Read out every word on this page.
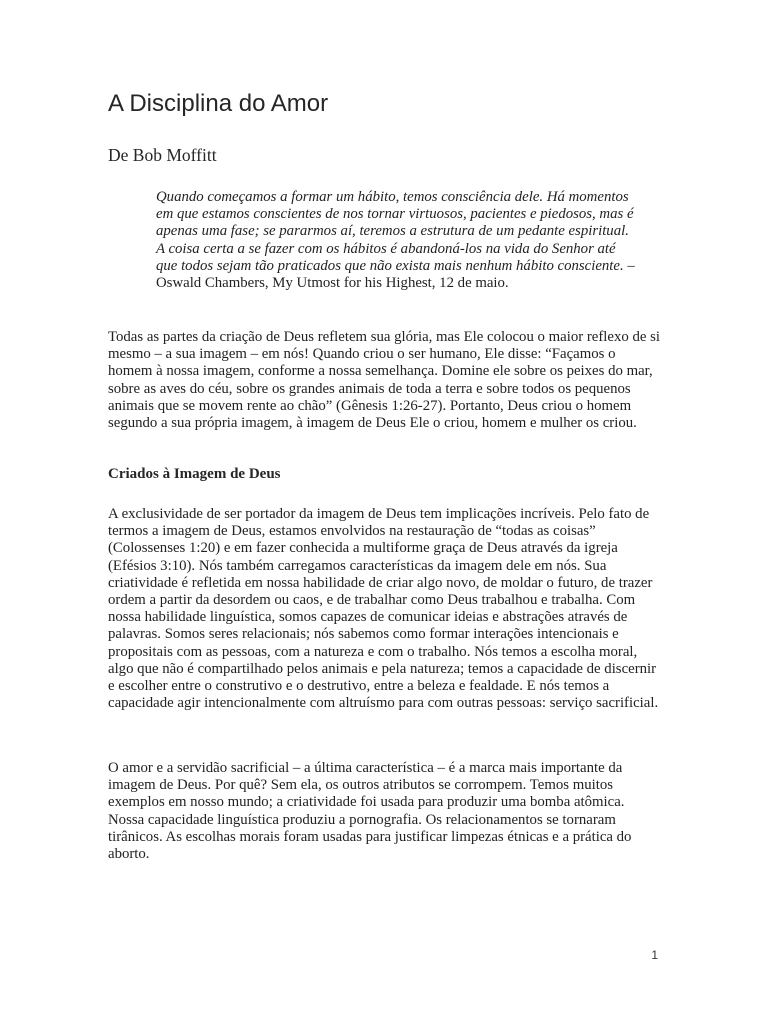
A Disciplina do Amor

De Bob Moffitt

Quando começamos a formar um hábito, temos consciência dele. Há momentos em que estamos conscientes de nos tornar virtuosos, pacientes e piedosos, mas é apenas uma fase; se pararmos aí, teremos a estrutura de um pedante espiritual. A coisa certa a se fazer com os hábitos é abandoná-los na vida do Senhor até que todos sejam tão praticados que não exista mais nenhum hábito consciente. – Oswald Chambers, My Utmost for his Highest, 12 de maio.

Todas as partes da criação de Deus refletem sua glória, mas Ele colocou o maior reflexo de si mesmo – a sua imagem – em nós! Quando criou o ser humano, Ele disse: “Façamos o homem à nossa imagem, conforme a nossa semelhança. Domine ele sobre os peixes do mar, sobre as aves do céu, sobre os grandes animais de toda a terra e sobre todos os pequenos animais que se movem rente ao chão” (Gênesis 1:26-27). Portanto, Deus criou o homem segundo a sua própria imagem, à imagem de Deus Ele o criou, homem e mulher os criou.

Criados à Imagem de Deus

A exclusividade de ser portador da imagem de Deus tem implicações incríveis. Pelo fato de termos a imagem de Deus, estamos envolvidos na restauração de “todas as coisas” (Colossenses 1:20) e em fazer conhecida a multiforme graça de Deus através da igreja (Efésios 3:10). Nós também carregamos características da imagem dele em nós. Sua criatividade é refletida em nossa habilidade de criar algo novo, de moldar o futuro, de trazer ordem a partir da desordem ou caos, e de trabalhar como Deus trabalhou e trabalha. Com nossa habilidade linguística, somos capazes de comunicar ideias e abstrações através de palavras. Somos seres relacionais; nós sabemos como formar interações intencionais e propositais com as pessoas, com a natureza e com o trabalho. Nós temos a escolha moral, algo que não é compartilhado pelos animais e pela natureza; temos a capacidade de discernir e escolher entre o construtivo e o destrutivo, entre a beleza e fealdade. E nós temos a capacidade agir intencionalmente com altruísmo para com outras pessoas: serviço sacrificial.

O amor e a servidão sacrificial – a última característica – é a marca mais importante da imagem de Deus. Por quê? Sem ela, os outros atributos se corrompem. Temos muitos exemplos em nosso mundo; a criatividade foi usada para produzir uma bomba atômica. Nossa capacidade linguística produziu a pornografia. Os relacionamentos se tornaram tirânicos. As escolhas morais foram usadas para justificar limpezas étnicas e a prática do aborto.

1
